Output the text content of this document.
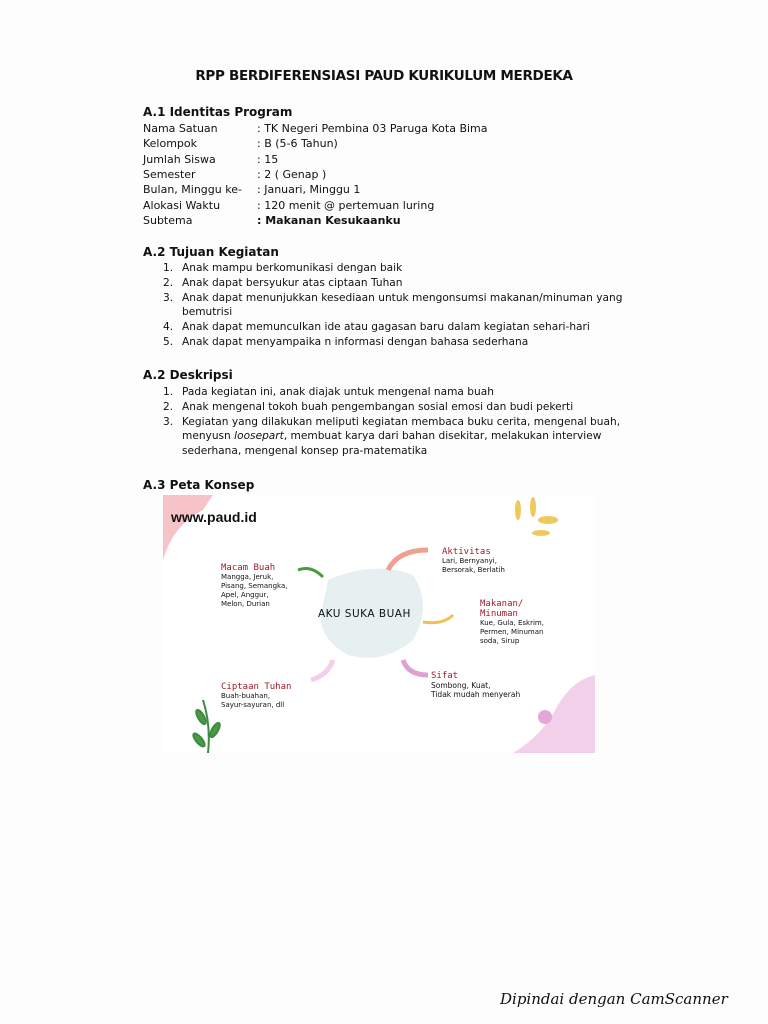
RPP BERDIFERENSIASI PAUD KURIKULUM MERDEKA
A.1 Identitas Program
Nama Satuan	: TK Negeri Pembina 03 Paruga Kota Bima
Kelompok	: B (5-6 Tahun)
Jumlah Siswa	: 15
Semester	: 2 ( Genap )
Bulan, Minggu ke- : Januari, Minggu 1
Alokasi Waktu	: 120 menit @ pertemuan luring
Subtema	: Makanan Kesukaanku
A.2 Tujuan Kegiatan
1. Anak mampu berkomunikasi dengan baik
2. Anak dapat bersyukur atas ciptaan Tuhan
3. Anak dapat menunjukkan kesediaan untuk mengonsumsi makanan/minuman yang
bemutrisi
4. Anak dapat memunculkan ide atau gagasan baru dalam kegiatan sehari-hari
5. Anak dapat menyampaika n informasi dengan bahasa sederhana
A.2 Deskripsi
1. Pada kegiatan ini, anak diajak untuk mengenal nama buah
2. Anak mengenal tokoh buah pengembangan sosial emosi dan budi pekerti
3. Kegiatan yang dilakukan meliputi kegiatan membaca buku cerita, mengenal buah,
menyusn loosepart, membuat karya dari bahan disekitar, melakukan interview
sederhana, mengenal konsep pra-matematika
A.3 Peta Konsep
www.paud.id
AKU SUKA BUAH
Macam Buah
Mangga, Jeruk,
Pisang, Semangka,
Apel, Anggur,
Melon, Durian
Aktivitas
Lari, Bernyanyi,
Bersorak, Berlatih
Makanan/
Minuman
Kue, Gula, Eskrim,
Permen, Minuman
soda, Sirup
Sifat
Sombong, Kuat,
Tidak mudah menyerah
Ciptaan Tuhan
Buah-buahan,
Sayur-sayuran, dll
Dipindai dengan CamScanner
